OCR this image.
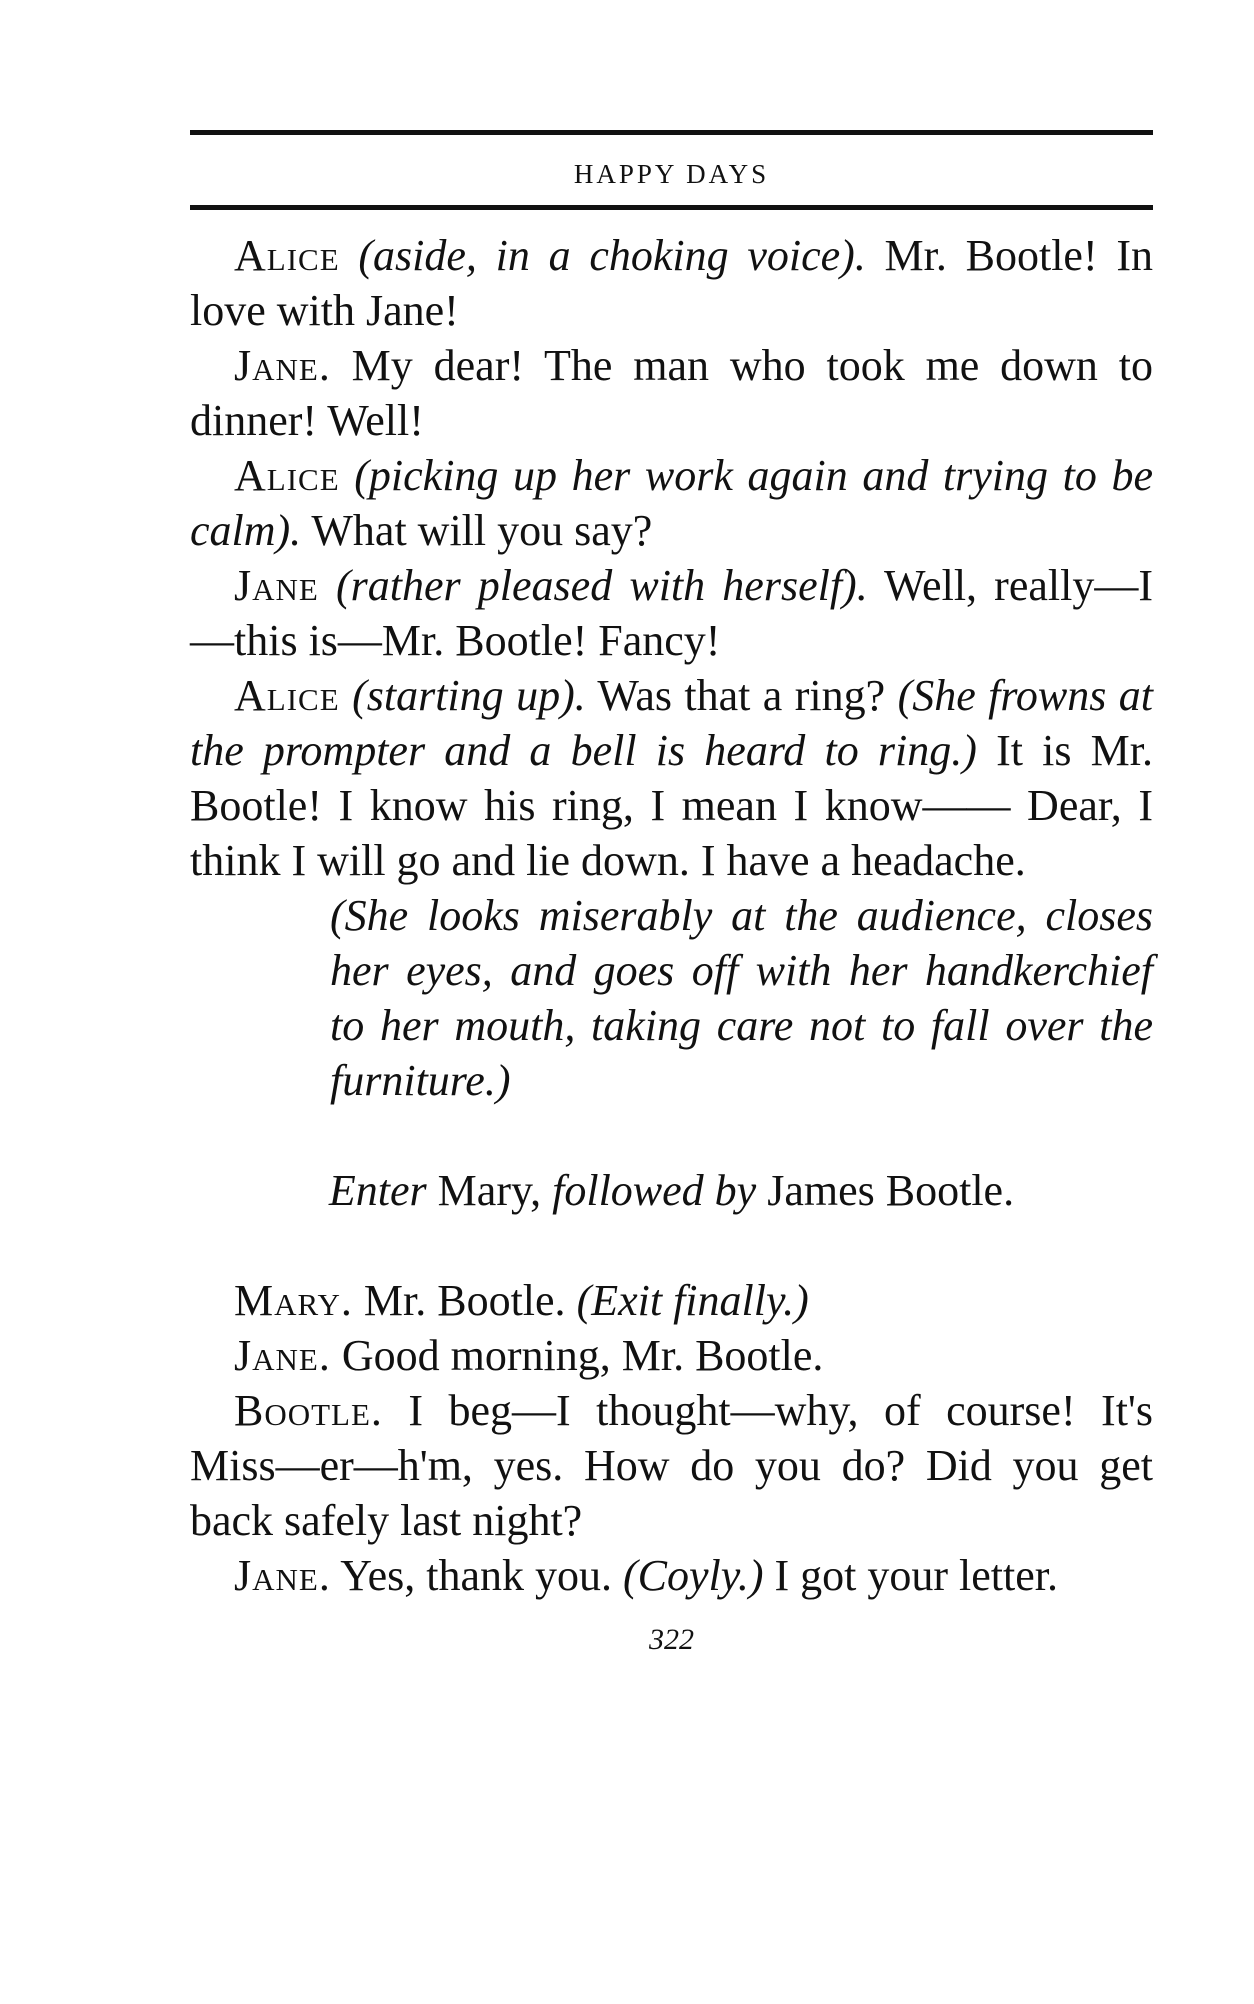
HAPPY DAYS

Alice (aside, in a choking voice). Mr. Bootle! In love with Jane!

Jane. My dear! The man who took me down to dinner! Well!

Alice (picking up her work again and trying to be calm). What will you say?

Jane (rather pleased with herself). Well, really—I—this is—Mr. Bootle! Fancy!

Alice (starting up). Was that a ring? (She frowns at the prompter and a bell is heard to ring.) It is Mr. Bootle! I know his ring, I mean I know—— Dear, I think I will go and lie down. I have a headache.

(She looks miserably at the audience, closes her eyes, and goes off with her handkerchief to her mouth, taking care not to fall over the furniture.)

Enter Mary, followed by James Bootle.

Mary. Mr. Bootle. (Exit finally.)

Jane. Good morning, Mr. Bootle.

Bootle. I beg—I thought—why, of course! It's Miss—er—h'm, yes. How do you do? Did you get back safely last night?

Jane. Yes, thank you. (Coyly.) I got your letter.

322
